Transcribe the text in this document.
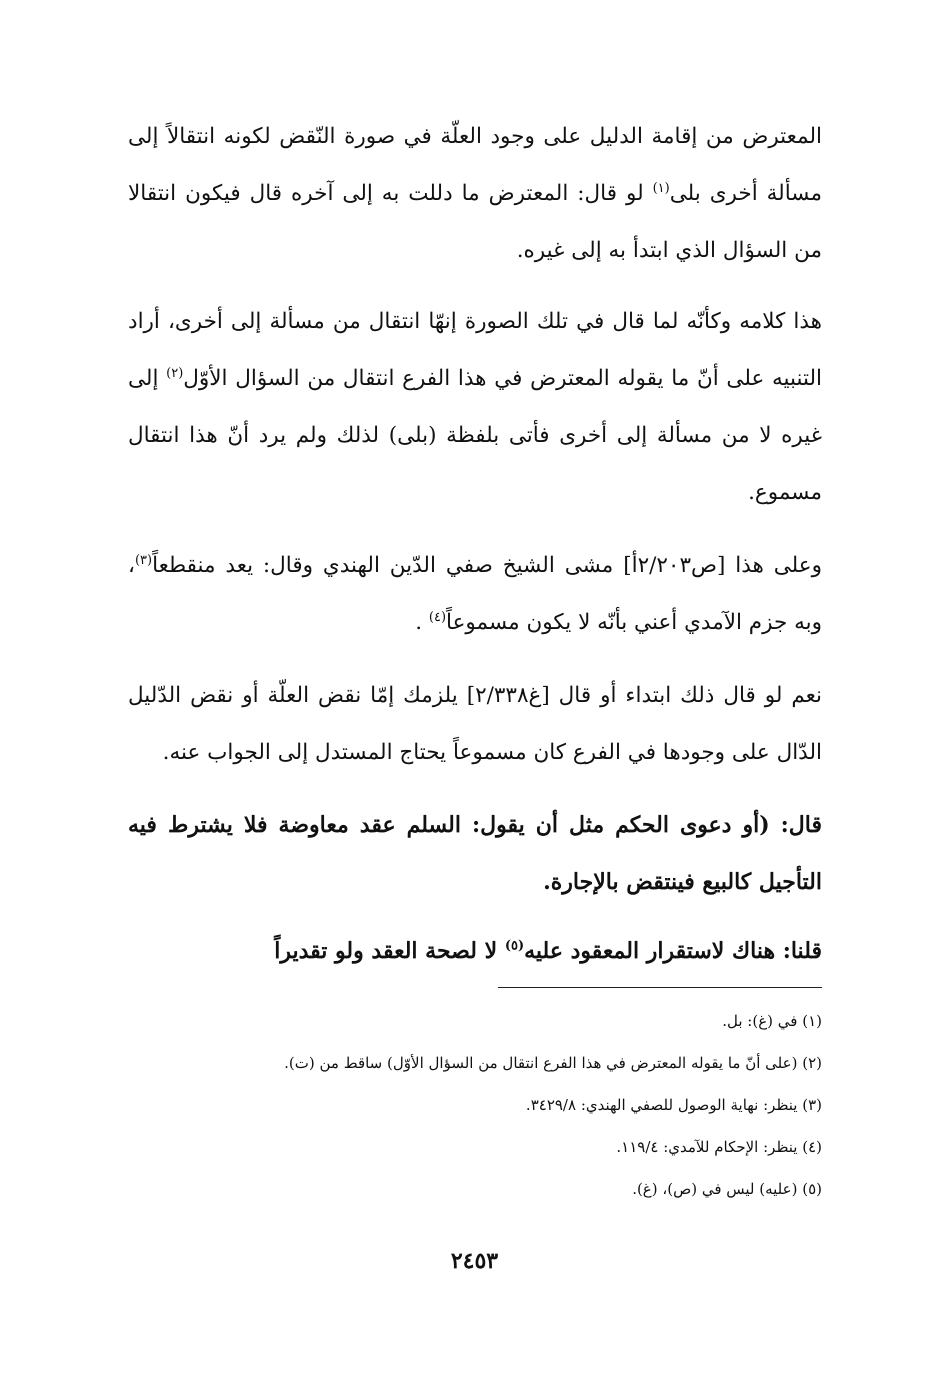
المعترض من إقامة الدليل على وجود العلّة في صورة النّقض لكونه انتقالاً إلى مسألة أخرى بلى$^{(١)}$ لو قال: المعترض ما دللت به إلى آخره قال فيكون انتقالا من السؤال الذي ابتدأ به إلى غيره.

هذا كلامه وكأنّه لما قال في تلك الصورة إنهّا انتقال من مسألة إلى أخرى، أراد التنبيه على أنّ ما يقوله المعترض في هذا الفرع انتقال من السؤال الأوّل$^{(٢)}$ إلى غيره لا من مسألة إلى أخرى فأتى بلفظة (بلى) لذلك ولم يرد أنّ هذا انتقال مسموع.

وعلى هذا [ص٢/٢٠٣أ] مشى الشيخ صفي الدّين الهندي وقال: يعد منقطعاً$^{(٣)}$، وبه جزم الآمدي أعني بأنّه لا يكون مسموعاً$^{(٤)}$ .

نعم لو قال ذلك ابتداء أو قال [غ٢/٣٣٨] يلزمك إمّا نقض العلّة أو نقض الدّليل الدّال على وجودها في الفرع كان مسموعاً يحتاج المستدل إلى الجواب عنه.

قال: (أو دعوى الحكم مثل أن يقول: السلم عقد معاوضة فلا يشترط فيه التأجيل كالبيع فينتقض بالإجارة.

قلنا: هناك لاستقرار المعقود عليه$^{(٥)}$ لا لصحة العقد ولو تقديراً

(١) في (غ): بل.
(٢) (على أنّ ما يقوله المعترض في هذا الفرع انتقال من السؤال الأوّل) ساقط من (ت).
(٣) ينظر: نهاية الوصول للصفي الهندي: ٣٤٢٩/٨.
(٤) ينظر: الإحكام للآمدي: ١١٩/٤.
(٥) (عليه) ليس في (ص)، (غ).
٢٤٥٣
